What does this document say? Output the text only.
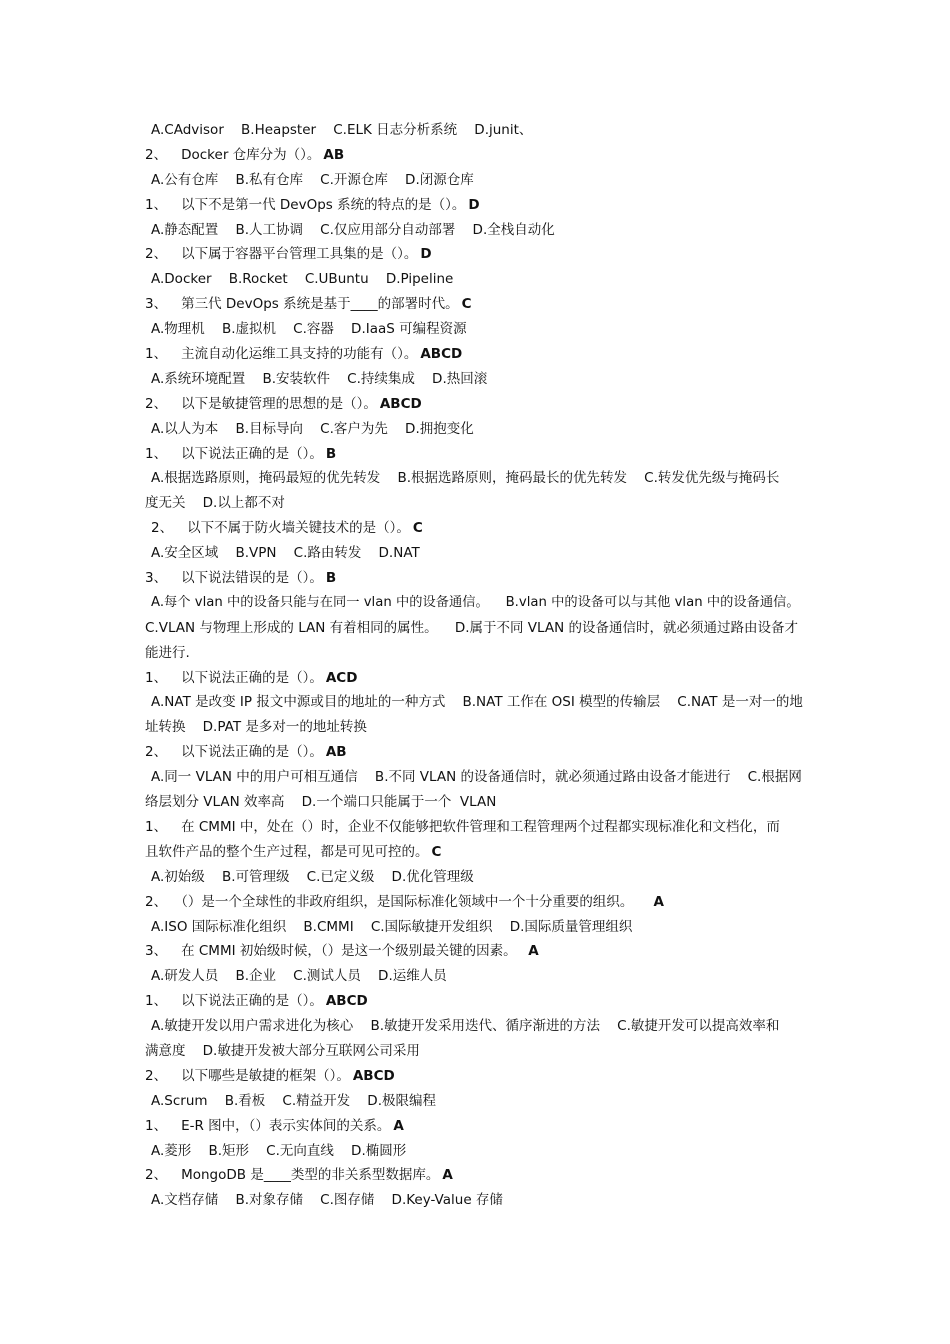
A.CAdvisor    B.Heapster    C.ELK 日志分析系统    D.junit、
2、 Docker 仓库分为（）。 AB
A.公有仓库    B.私有仓库    C.开源仓库    D.闭源仓库
1、 以下不是第一代 DevOps 系统的特点的是（）。 D
A.静态配置    B.人工协调    C.仅应用部分自动部署    D.全栈自动化
2、 以下属于容器平台管理工具集的是（）。 D
A.Docker    B.Rocket    C.UBuntu    D.Pipeline
3、 第三代 DevOps 系统是基于____的部署时代。 C
A.物理机    B.虚拟机    C.容器    D.IaaS 可编程资源
1、 主流自动化运维工具支持的功能有（）。 ABCD
A.系统环境配置    B.安装软件    C.持续集成    D.热回滚
2、 以下是敏捷管理的思想的是（）。 ABCD
A.以人为本    B.目标导向    C.客户为先    D.拥抱变化
1、 以下说法正确的是（）。 B
A.根据选路原则，掩码最短的优先转发    B.根据选路原则，掩码最长的优先转发    C.转发优先级与掩码长
度无关    D.以上都不对
2、 以下不属于防火墙关键技术的是（）。 C
A.安全区域    B.VPN    C.路由转发    D.NAT
3、 以下说法错误的是（）。 B
A.每个 vlan 中的设备只能与在同一 vlan 中的设备通信。    B.vlan 中的设备可以与其他 vlan 中的设备通信。
C.VLAN 与物理上形成的 LAN 有着相同的属性。    D.属于不同 VLAN 的设备通信时，就必须通过路由设备才
能进行.
1、 以下说法正确的是（）。 ACD
A.NAT 是改变 IP 报文中源或目的地址的一种方式    B.NAT 工作在 OSI 模型的传输层    C.NAT 是一对一的地
址转换    D.PAT 是多对一的地址转换
2、 以下说法正确的是（）。 AB
A.同一 VLAN 中的用户可相互通信    B.不同 VLAN 的设备通信时，就必须通过路由设备才能进行    C.根据网
络层划分 VLAN 效率高    D.一个端口只能属于一个  VLAN
1、 在 CMMI 中，处在（）时，企业不仅能够把软件管理和工程管理两个过程都实现标准化和文档化，而
且软件产品的整个生产过程，都是可见可控的。 C
A.初始级    B.可管理级    C.已定义级    D.优化管理级
2、 （）是一个全球性的非政府组织，是国际标准化领域中一个十分重要的组织。    A
A.ISO 国际标准化组织    B.CMMI    C.国际敏捷开发组织    D.国际质量管理组织
3、 在 CMMI 初始级时候，（）是这一个级别最关键的因素。  A
A.研发人员    B.企业    C.测试人员    D.运维人员
1、 以下说法正确的是（）。 ABCD
A.敏捷开发以用户需求进化为核心    B.敏捷开发采用迭代、循序渐进的方法    C.敏捷开发可以提高效率和
满意度    D.敏捷开发被大部分互联网公司采用
2、 以下哪些是敏捷的框架（）。 ABCD
A.Scrum    B.看板    C.精益开发    D.极限编程
1、 E-R 图中，（）表示实体间的关系。 A
A.菱形    B.矩形    C.无向直线    D.椭圆形
2、 MongoDB 是____类型的非关系型数据库。 A
A.文档存储    B.对象存储    C.图存储    D.Key-Value 存储
